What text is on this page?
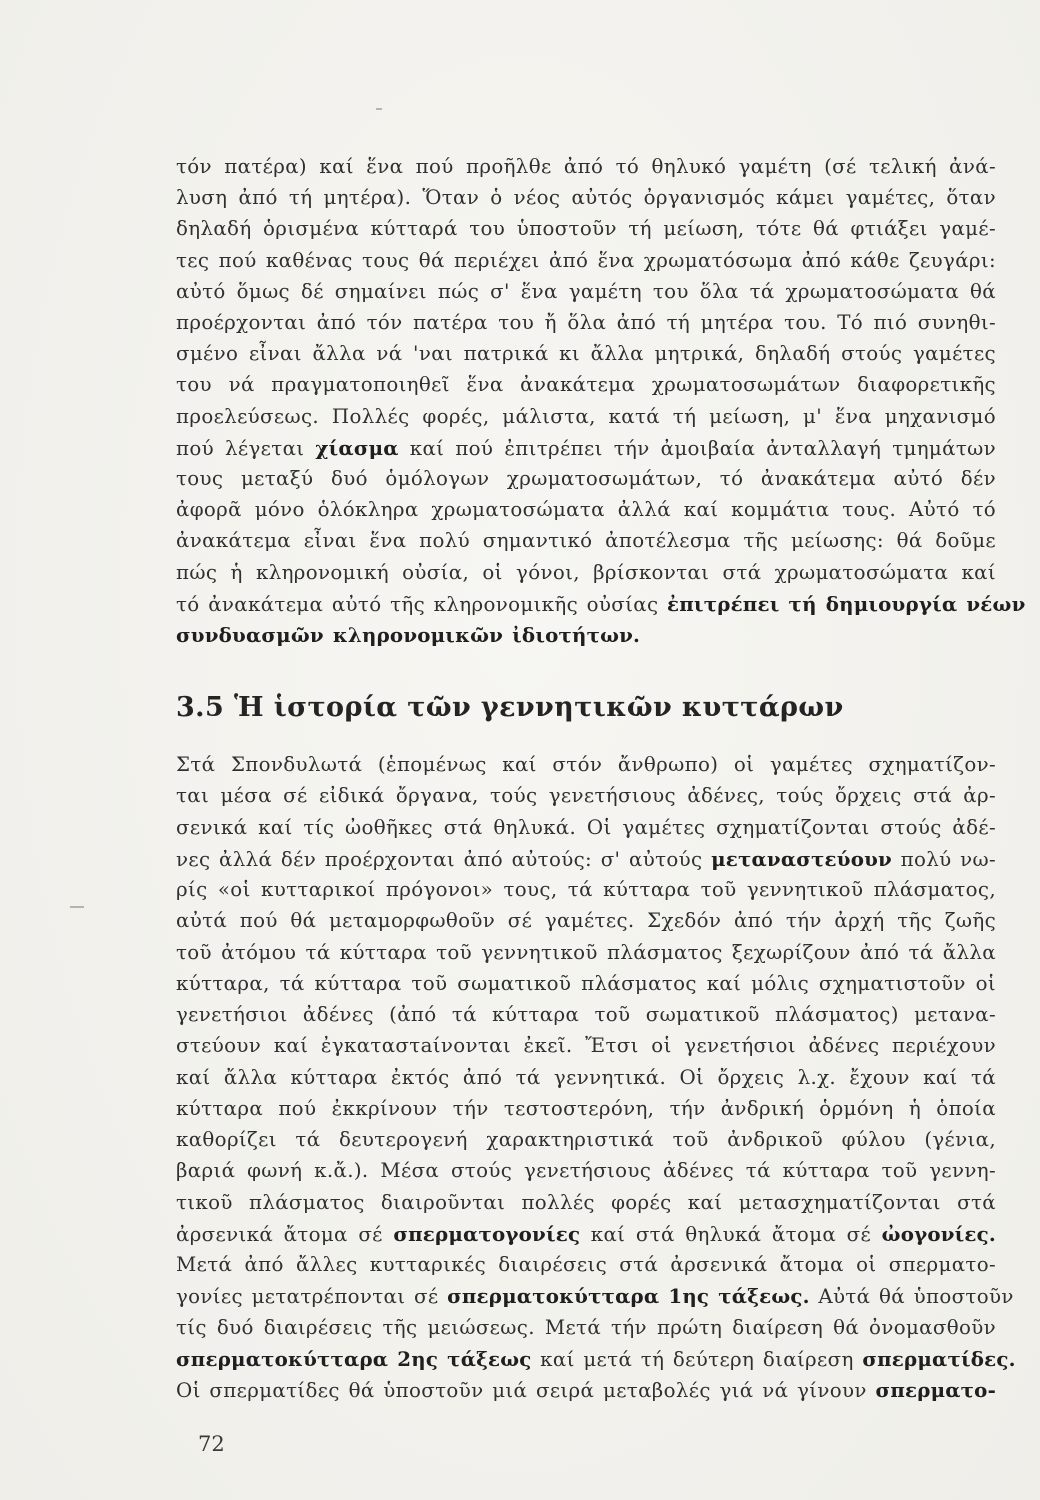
τόν πατέρα) καί ἕνα πού προῆλθε ἀπό τό θηλυκό γαμέτη (σέ τελική ἀνά-
λυση ἀπό τή μητέρα). Ὅταν ὁ νέος αὐτός ὀργανισμός κάμει γαμέτες, ὅταν
δηλαδή ὁρισμένα κύτταρά του ὑποστοῦν τή μείωση, τότε θά φτιάξει γαμέ-
τες πού καθένας τους θά περιέχει ἀπό ἕνα χρωματόσωμα ἀπό κάθε ζευγάρι:
αὐτό ὅμως δέ σημαίνει πώς σ' ἕνα γαμέτη του ὅλα τά χρωματοσώματα θά
προέρχονται ἀπό τόν πατέρα του ἤ ὅλα ἀπό τή μητέρα του. Τό πιό συνηθι-
σμένο εἶναι ἄλλα νά 'ναι πατρικά κι ἄλλα μητρικά, δηλαδή στούς γαμέτες
του νά πραγματοποιηθεῖ ἕνα ἀνακάτεμα χρωματοσωμάτων διαφορετικῆς
προελεύσεως. Πολλές φορές, μάλιστα, κατά τή μείωση, μ' ἕνα μηχανισμό
πού λέγεται χίασμα καί πού ἐπιτρέπει τήν ἀμοιβαία ἀνταλλαγή τμημάτων
τους μεταξύ δυό ὁμόλογων χρωματοσωμάτων, τό ἀνακάτεμα αὐτό δέν
ἀφορᾶ μόνο ὁλόκληρα χρωματοσώματα ἀλλά καί κομμάτια τους. Αὐτό τό
ἀνακάτεμα εἶναι ἕνα πολύ σημαντικό ἀποτέλεσμα τῆς μείωσης: θά δοῦμε
πώς ἡ κληρονομική οὐσία, οἱ γόνοι, βρίσκονται στά χρωματοσώματα καί
τό ἀνακάτεμα αὐτό τῆς κληρονομικῆς οὐσίας ἐπιτρέπει τή δημιουργία νέων
συνδυασμῶν κληρονομικῶν ἰδιοτήτων.
3.5 Ἡ ἱστορία τῶν γεννητικῶν κυττάρων
Στά Σπονδυλωτά (ἑπομένως καί στόν ἄνθρωπο) οἱ γαμέτες σχηματίζον-
ται μέσα σέ εἰδικά ὄργανα, τούς γενετήσιους ἀδένες, τούς ὄρχεις στά ἀρ-
σενικά καί τίς ὠοθῆκες στά θηλυκά. Οἱ γαμέτες σχηματίζονται στούς ἀδέ-
νες ἀλλά δέν προέρχονται ἀπό αὐτούς: σ' αὐτούς μεταναστεύουν πολύ νω-
ρίς «οἱ κυτταρικοί πρόγονοι» τους, τά κύτταρα τοῦ γεννητικοῦ πλάσματος,
αὐτά πού θά μεταμορφωθοῦν σέ γαμέτες. Σχεδόν ἀπό τήν ἀρχή τῆς ζωῆς
τοῦ ἀτόμου τά κύτταρα τοῦ γεννητικοῦ πλάσματος ξεχωρίζουν ἀπό τά ἄλλα
κύτταρα, τά κύτταρα τοῦ σωματικοῦ πλάσματος καί μόλις σχηματιστοῦν οἱ
γενετήσιοι ἀδένες (ἀπό τά κύτταρα τοῦ σωματικοῦ πλάσματος) μετανα-
στεύουν καί ἐγκαταστaίνονται ἐκεῖ. Ἔτσι οἱ γενετήσιοι ἀδένες περιέχουν
καί ἄλλα κύτταρα ἐκτός ἀπό τά γεννητικά. Οἱ ὄρχεις λ.χ. ἔχουν καί τά
κύτταρα πού ἐκκρίνουν τήν τεστοστερόνη, τήν ἀνδρική ὁρμόνη ἡ ὁποία
καθορίζει τά δευτερογενή χαρακτηριστικά τοῦ ἀνδρικοῦ φύλου (γένια,
βαριά φωνή κ.ἄ.). Μέσα στούς γενετήσιους ἀδένες τά κύτταρα τοῦ γεννη-
τικοῦ πλάσματος διαιροῦνται πολλές φορές καί μετασχηματίζονται στά
ἀρσενικά ἄτομα σέ σπερματογονίες καί στά θηλυκά ἄτομα σέ ὠογονίες.
Μετά ἀπό ἄλλες κυτταρικές διαιρέσεις στά ἀρσενικά ἄτομα οἱ σπερματο-
γονίες μετατρέπονται σέ σπερματοκύτταρα 1ης τάξεως. Αὐτά θά ὑποστοῦν
τίς δυό διαιρέσεις τῆς μειώσεως. Μετά τήν πρώτη διαίρεση θά ὀνομασθοῦν
σπερματοκύτταρα 2ης τάξεως καί μετά τή δεύτερη διαίρεση σπερματίδες.
Οἱ σπερματίδες θά ὑποστοῦν μιά σειρά μεταβολές γιά νά γίνουν σπερματο-
72
